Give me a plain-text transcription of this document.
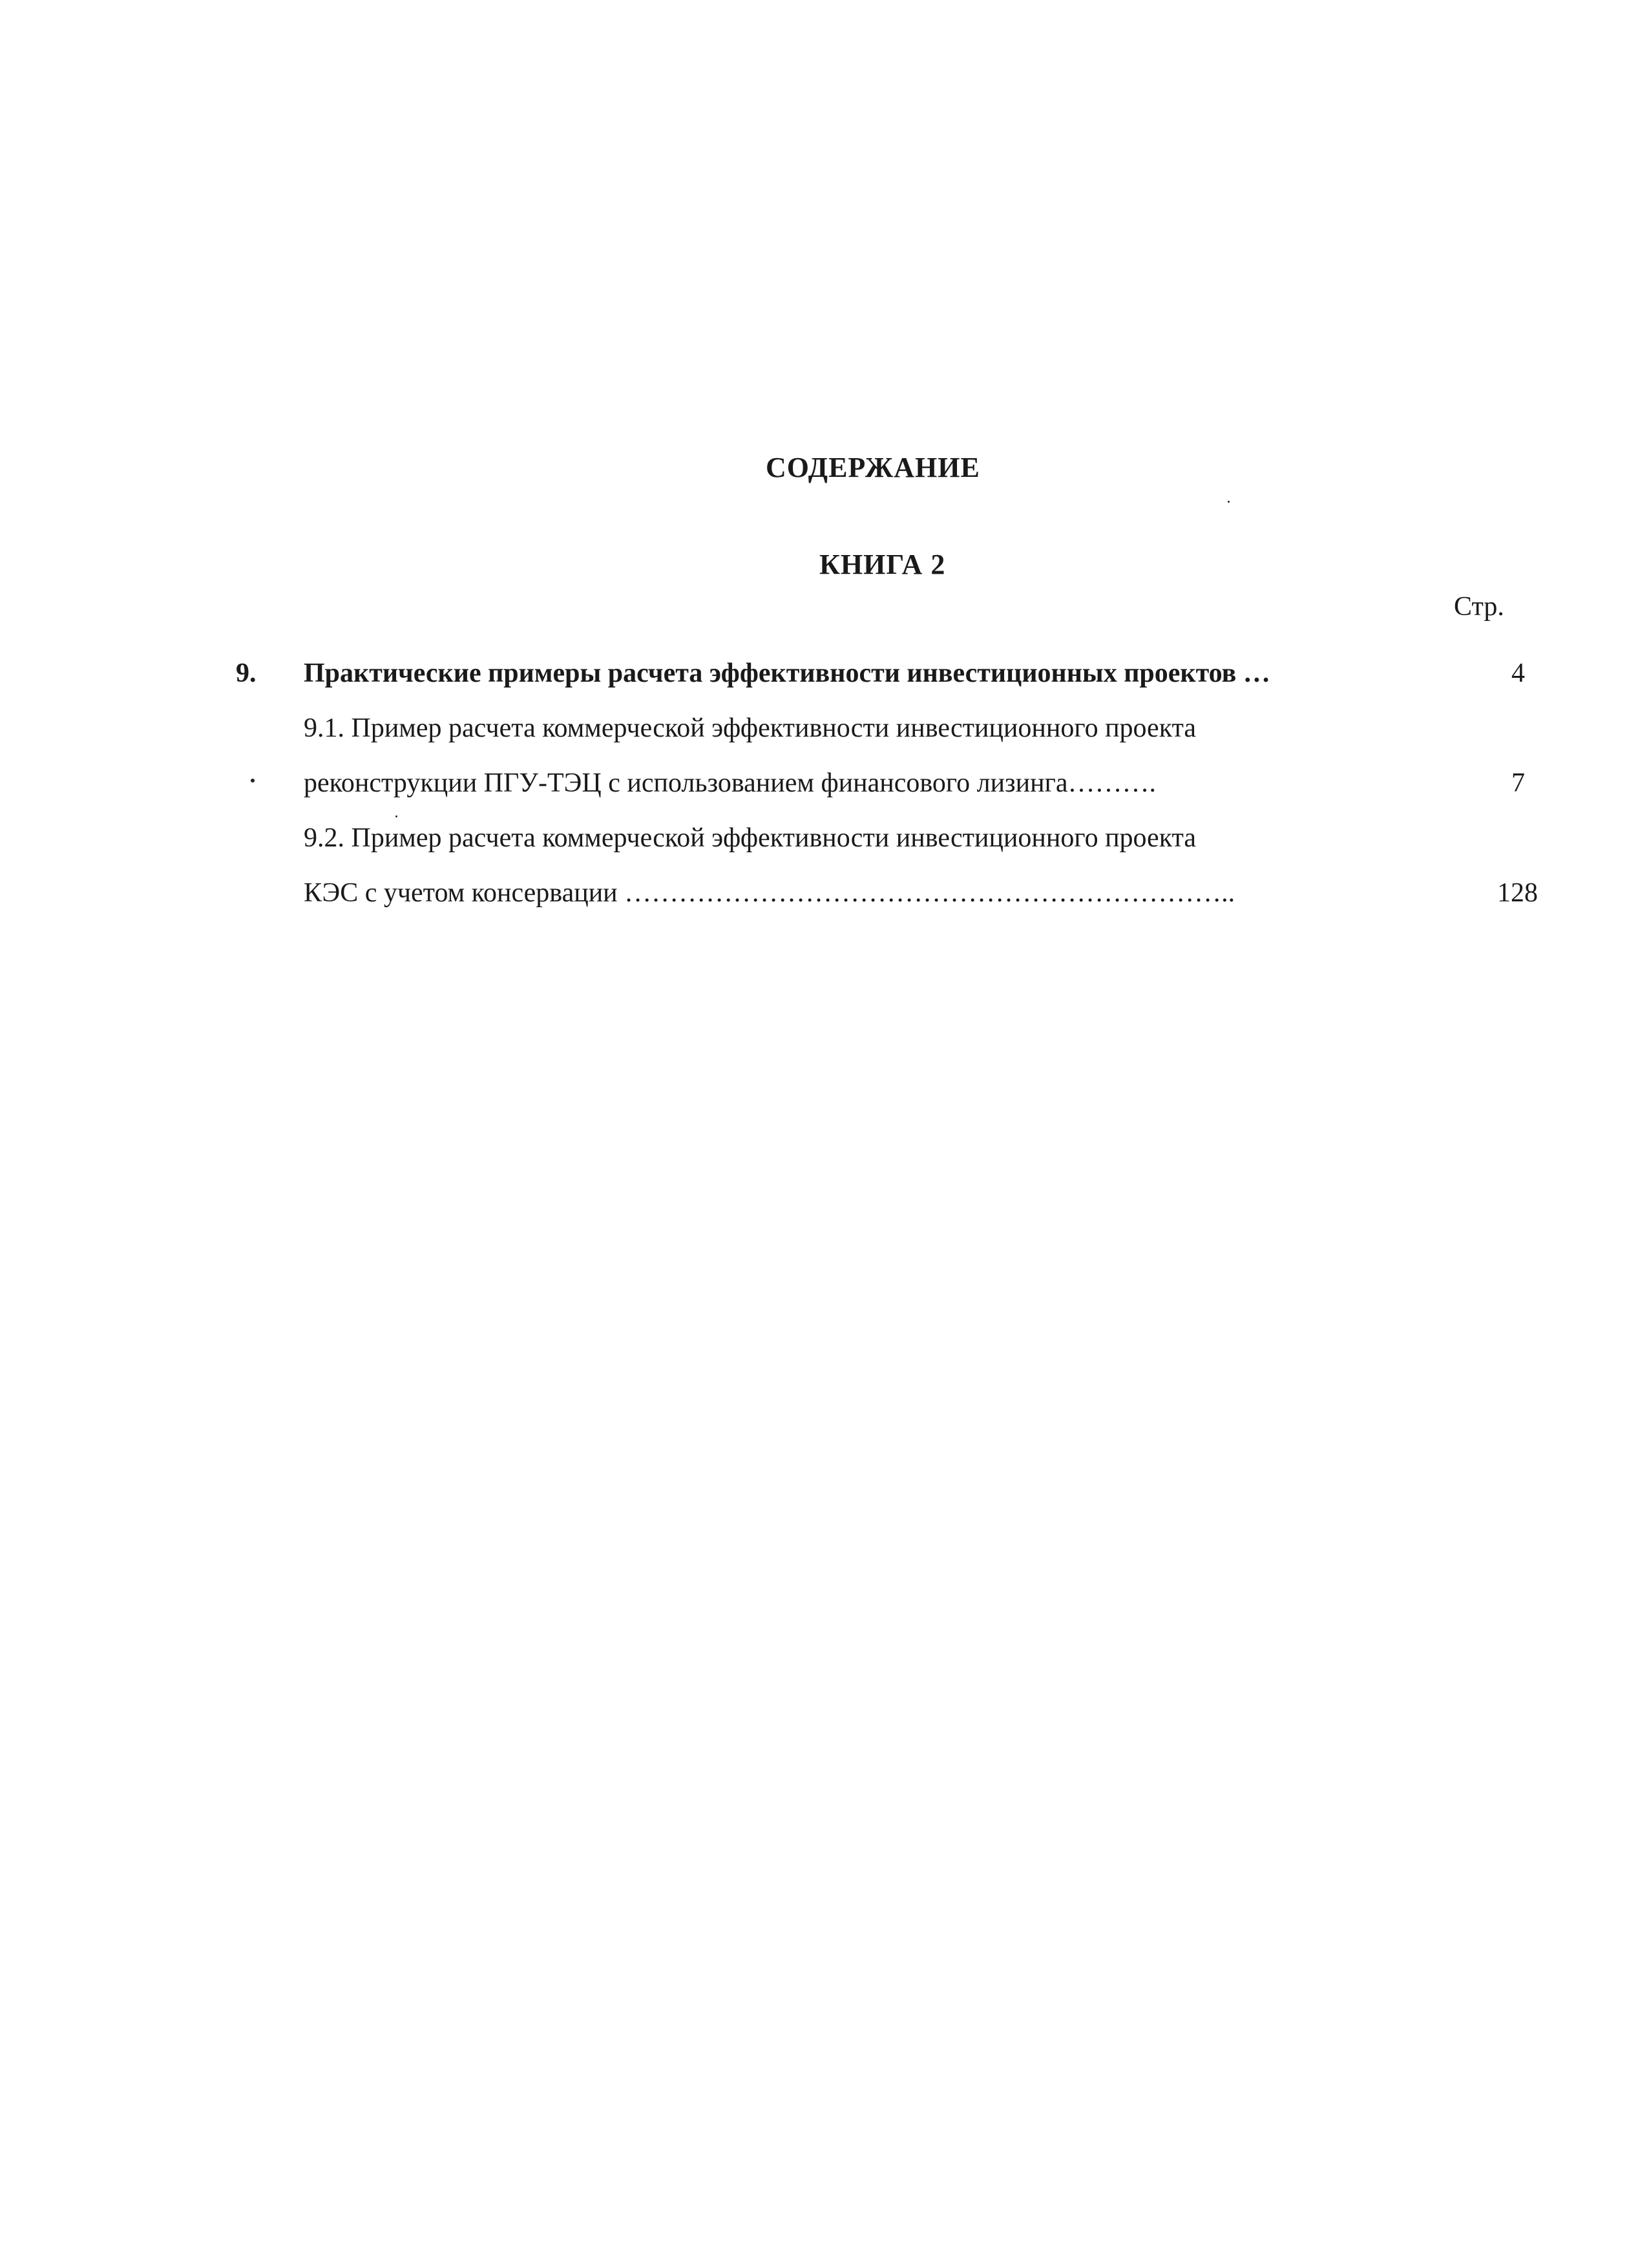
СОДЕРЖАНИЕ
КНИГА 2
Стр.
9. Практические примеры расчета эффективности инвестиционных проектов …	4
9.1. Пример расчета коммерческой эффективности инвестиционного проекта
реконструкции ПГУ-ТЭЦ с использованием финансового лизинга……….	7
9.2. Пример расчета коммерческой эффективности инвестиционного проекта
КЭС с учетом консервации …………………………………………………………..	128
